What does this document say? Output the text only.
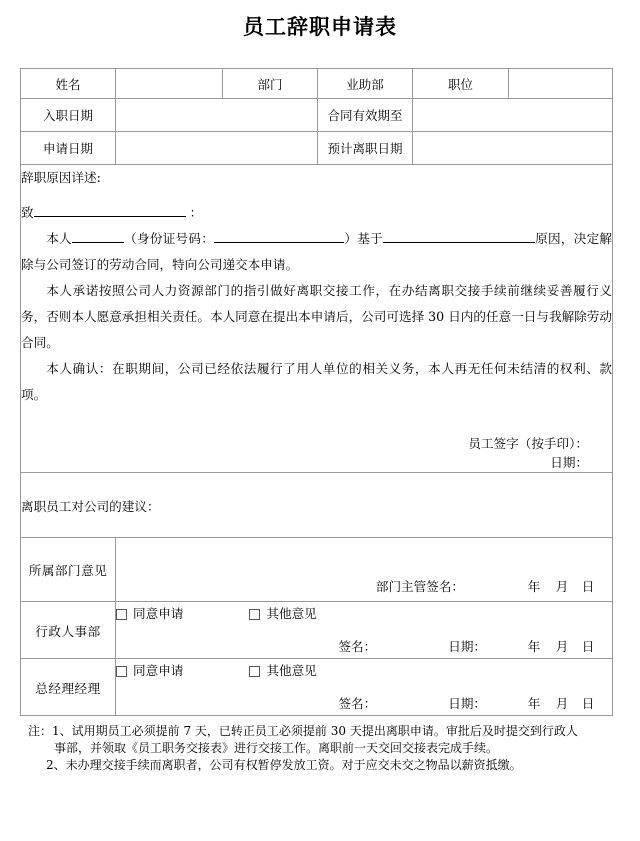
员工辞职申请表
姓名		部门	业助部	职位	
入职日期			合同有效期至		
申请日期			预计离职日期		

辞职原因详述:
致	：
本人	（身份证号码：	）基于	原因，决定解除与公司签订的劳动合同，特向公司递交本申请。
本人承诺按照公司人力资源部门的指引做好离职交接工作，在办结离职交接手续前继续妥善履行义务，否则本人愿意承担相关责任。本人同意在提出本申请后，公司可选择 30 日内的任意一日与我解除劳动合同。
本人确认：在职期间，公司已经依法履行了用人单位的相关义务，本人再无任何未结清的权利、款项。
员工签字（按手印）：
日期：

离职员工对公司的建议：					
所属部门意见	部门主管签名： 年 月 日				

行政人事部	同意申请 其他意见
签名： 日期： 年 月 日				

总经理经理	同意申请 其他意见
签名： 日期： 年 月 日				
注： 1、 试用期员工必须提前 7 天，已转正员工必须提前 30 天提出离职申请。审批后及时提交到行政人
事部，并领取《员工职务交接表》进行交接工作。离职前一天交回交接表完成手续。
2、 未办理交接手续而离职者，公司有权暂停发放工资。对于应交未交之物品以薪资抵缴。
